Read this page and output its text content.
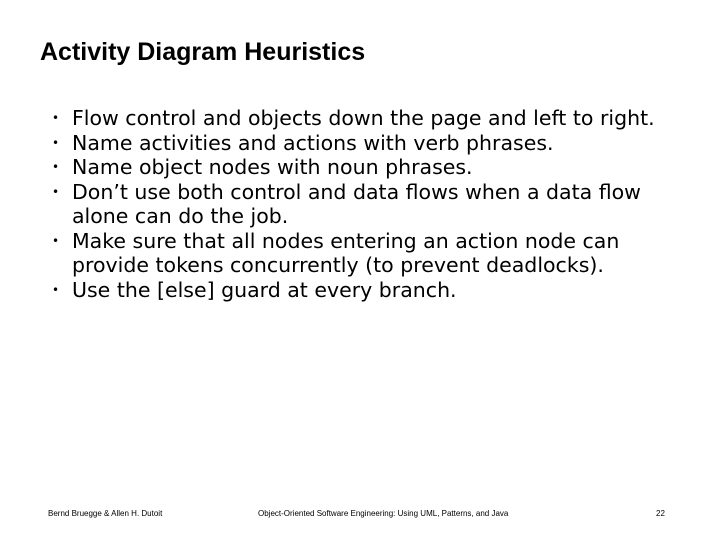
Activity Diagram Heuristics
• Flow control and objects down the page and left to right.
• Name activities and actions with verb phrases.
• Name object nodes with noun phrases.
• Don’t use both control and data flows when a data flow alone can do the job.
• Make sure that all nodes entering an action node can provide tokens concurrently (to prevent deadlocks).
• Use the [else] guard at every branch.
Bernd Bruegge & Allen H. Dutoit	Object-Oriented Software Engineering: Using UML, Patterns, and Java	22
